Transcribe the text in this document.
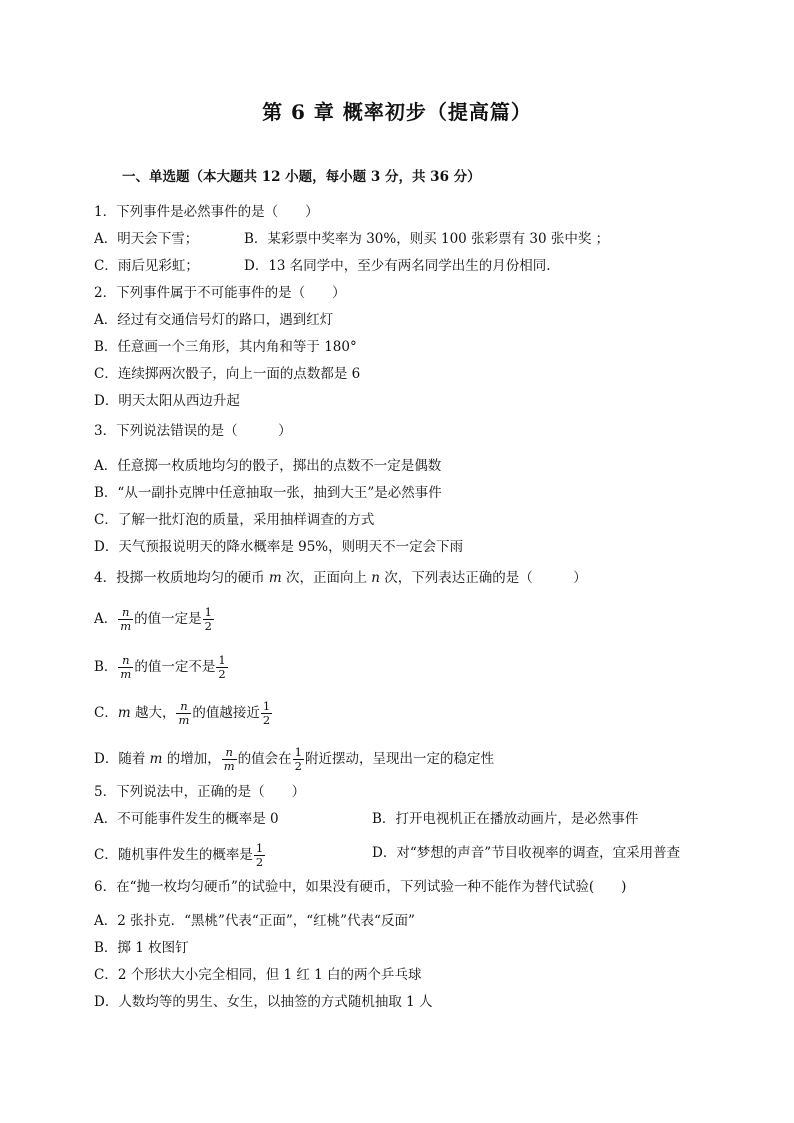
第 6 章 概率初步（提高篇）
一、单选题（本大题共 12 小题，每小题 3 分，共 36 分）
1．下列事件是必然事件的是（　　）
A．明天会下雪；	B．某彩票中奖率为 30%，则买 100 张彩票有 30 张中奖 ；
C．雨后见彩虹；	D．13 名同学中，至少有两名同学出生的月份相同.
2．下列事件属于不可能事件的是（　　）
A．经过有交通信号灯的路口，遇到红灯
B．任意画一个三角形，其内角和等于 180°
C．连续掷两次骰子，向上一面的点数都是 6
D．明天太阳从西边升起
3．下列说法错误的是（　　　）
A．任意掷一枚质地均匀的骰子，掷出的点数不一定是偶数
B．“从一副扑克牌中任意抽取一张，抽到大王”是必然事件
C．了解一批灯泡的质量，采用抽样调查的方式
D．天气预报说明天的降水概率是 95%，则明天不一定会下雨
4．投掷一枚质地均匀的硬币 m 次，正面向上 n 次，下列表达正确的是（　　　）
A． $\frac{n}{m}$ 的值一定是 $\frac{1}{2}$
B． $\frac{n}{m}$ 的值一定不是 $\frac{1}{2}$
C．m 越大， $\frac{n}{m}$ 的值越接近 $\frac{1}{2}$
D．随着 m 的增加， $\frac{n}{m}$ 的值会在 $\frac{1}{2}$ 附近摆动，呈现出一定的稳定性
5．下列说法中，正确的是（　　）
A．不可能事件发生的概率是 0	B．打开电视机正在播放动画片，是必然事件
C．随机事件发生的概率是 $\frac{1}{2}$	D．对“梦想的声音”节目收视率的调查，宜采用普查
6．在“抛一枚均匀硬币”的试验中，如果没有硬币，下列试验一种不能作为替代试验(　　)
A．2 张扑克．“黑桃”代表“正面”，“红桃”代表“反面”
B．掷 1 枚图钉
C．2 个形状大小完全相同，但 1 红 1 白的两个乒乓球
D．人数均等的男生、女生，以抽签的方式随机抽取 1 人
